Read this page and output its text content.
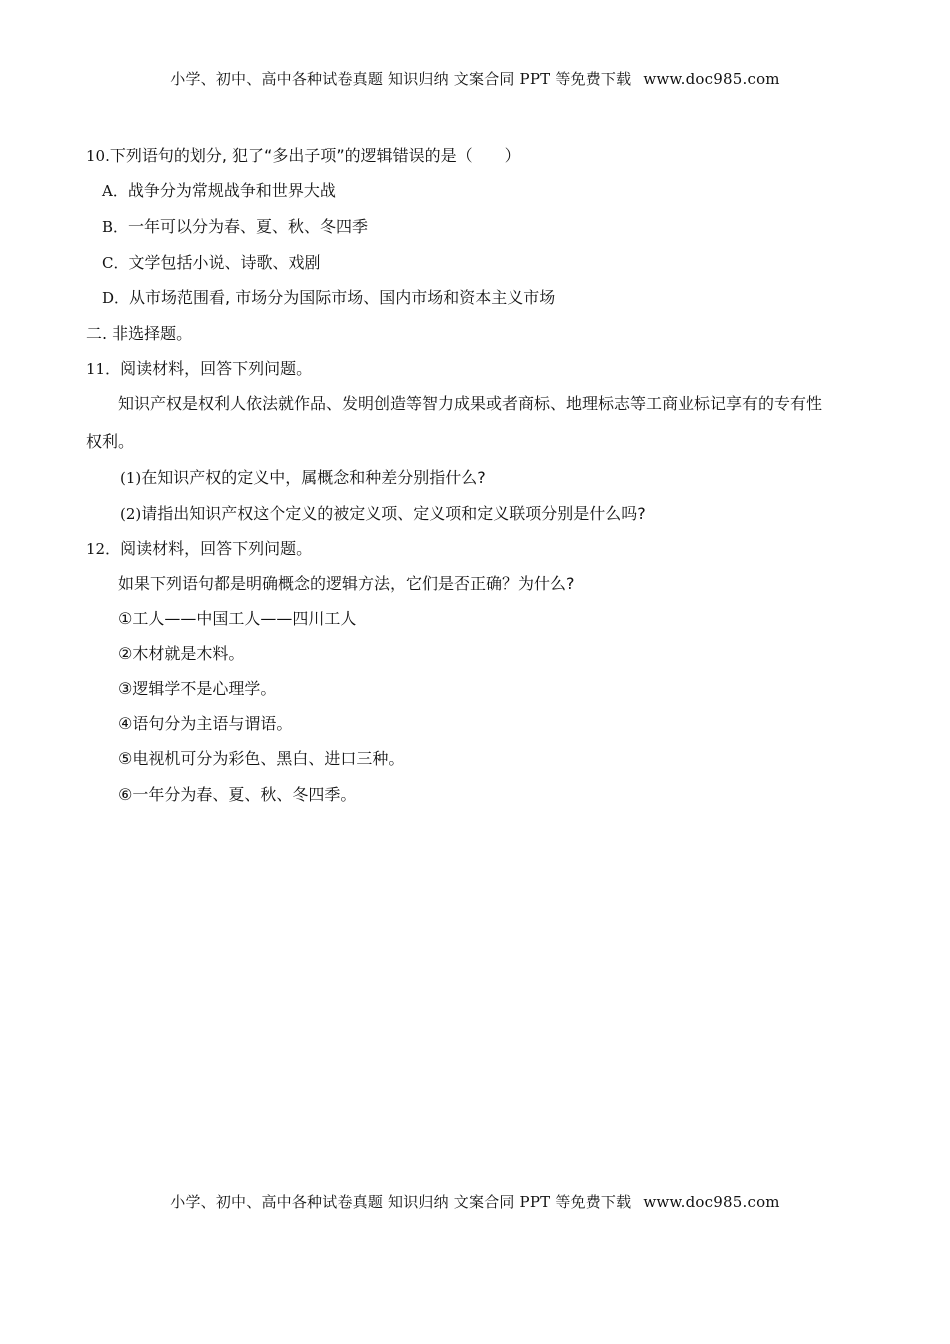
小学、初中、高中各种试卷真题 知识归纳 文案合同 PPT 等免费下载 www.doc985.com
10.下列语句的划分, 犯了“多出子项”的逻辑错误的是（　　）
A．战争分为常规战争和世界大战
B．一年可以分为春、夏、秋、冬四季
C．文学包括小说、诗歌、戏剧
D．从市场范围看, 市场分为国际市场、国内市场和资本主义市场
二. 非选择题。
11．阅读材料，回答下列问题。
知识产权是权利人依法就作品、发明创造等智力成果或者商标、地理标志等工商业标记享有的专有性
权利。
(1)在知识产权的定义中，属概念和种差分别指什么?
(2)请指出知识产权这个定义的被定义项、定义项和定义联项分别是什么吗?
12．阅读材料，回答下列问题。
如果下列语句都是明确概念的逻辑方法，它们是否正确？为什么?
①工人——中国工人——四川工人
②木材就是木料。
③逻辑学不是心理学。
④语句分为主语与谓语。
⑤电视机可分为彩色、黑白、进口三种。
⑥一年分为春、夏、秋、冬四季。
小学、初中、高中各种试卷真题 知识归纳 文案合同 PPT 等免费下载 www.doc985.com
